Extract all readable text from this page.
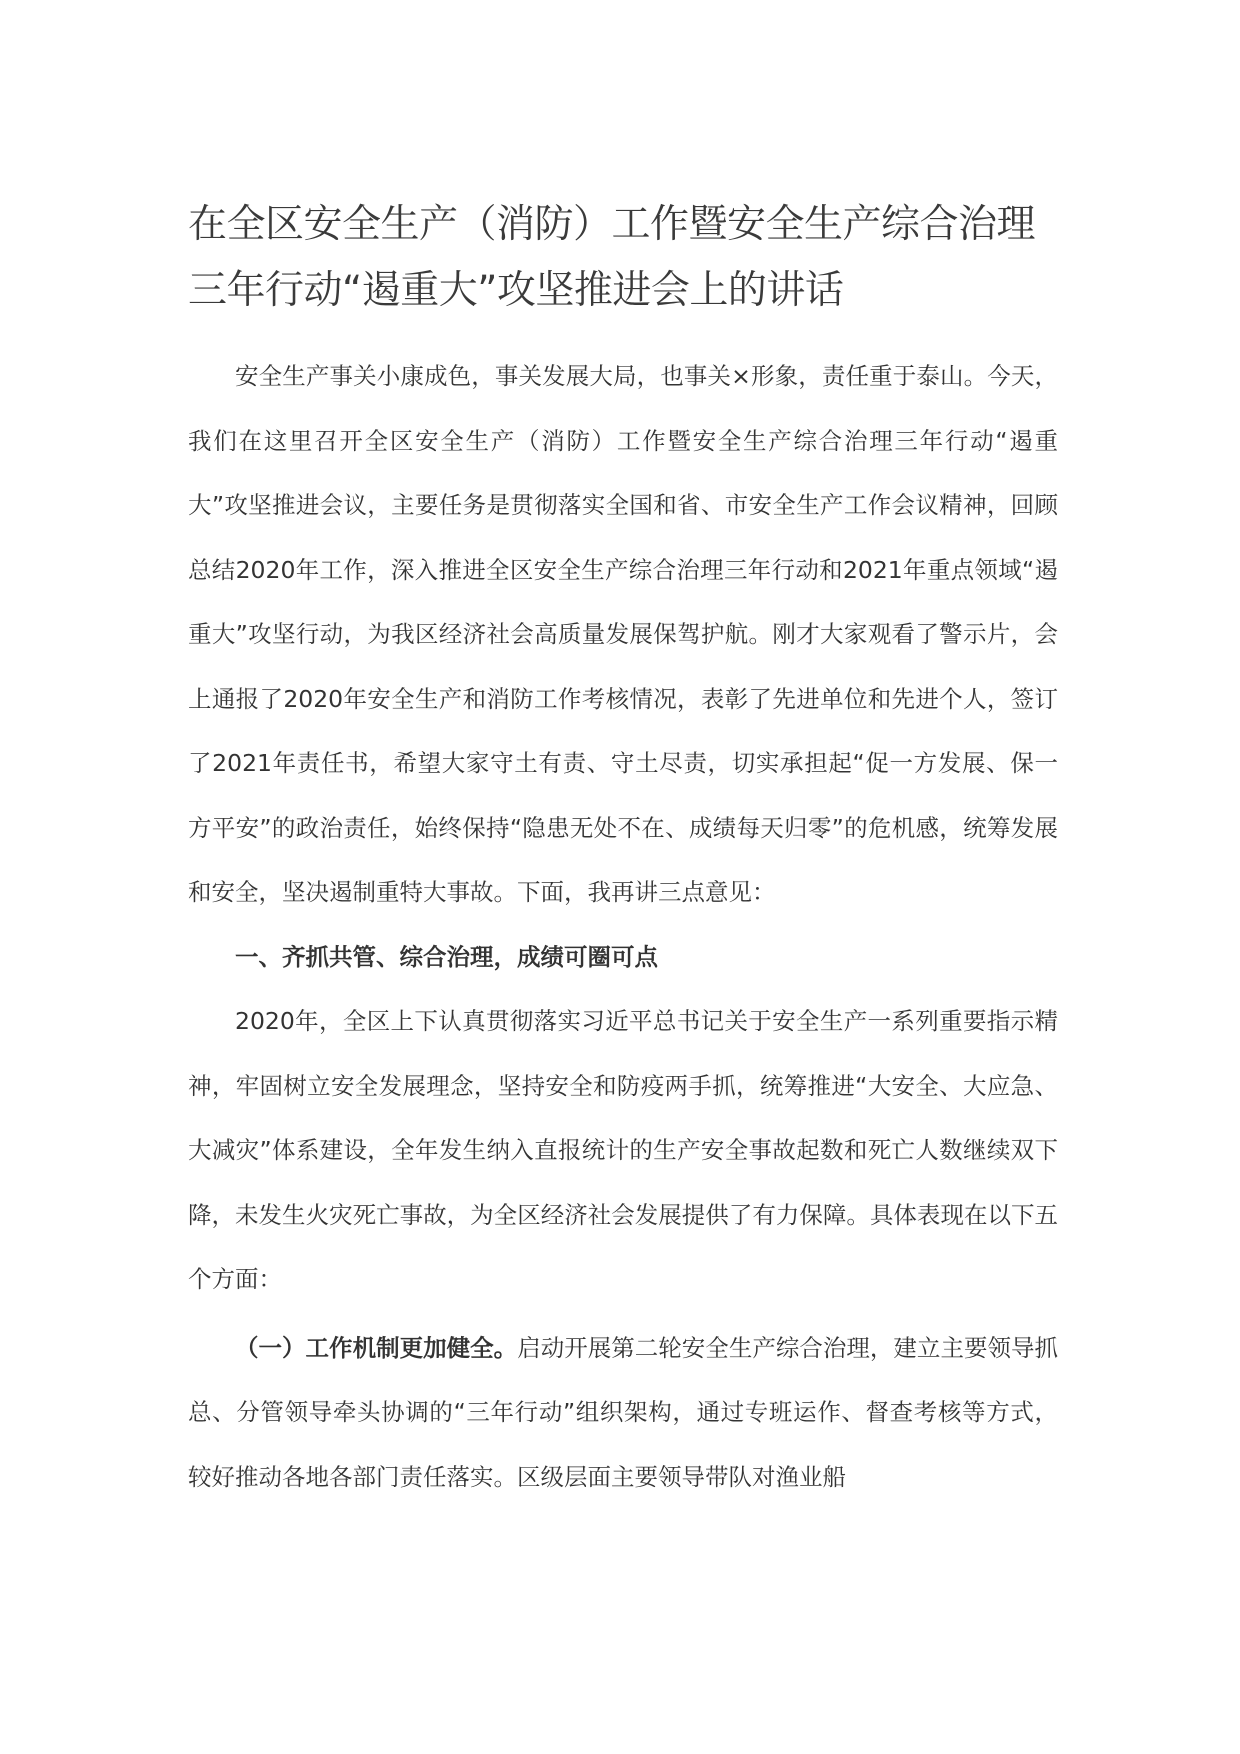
在全区安全生产（消防）工作暨安全生产综合治理三年行动“遏重大”攻坚推进会上的讲话

安全生产事关小康成色，事关发展大局，也事关×形象，责任重于泰山。今天，我们在这里召开全区安全生产（消防）工作暨安全生产综合治理三年行动“遏重大”攻坚推进会议，主要任务是贯彻落实全国和省、市安全生产工作会议精神，回顾总结2020年工作，深入推进全区安全生产综合治理三年行动和2021年重点领域“遏重大”攻坚行动，为我区经济社会高质量发展保驾护航。刚才大家观看了警示片，会上通报了2020年安全生产和消防工作考核情况，表彰了先进单位和先进个人，签订了2021年责任书，希望大家守土有责、守土尽责，切实承担起“促一方发展、保一方平安”的政治责任，始终保持“隐患无处不在、成绩每天归零”的危机感，统筹发展和安全，坚决遏制重特大事故。下面，我再讲三点意见：

一、齐抓共管、综合治理，成绩可圈可点

2020年，全区上下认真贯彻落实习近平总书记关于安全生产一系列重要指示精神，牢固树立安全发展理念，坚持安全和防疫两手抓，统筹推进“大安全、大应急、大减灾”体系建设，全年发生纳入直报统计的生产安全事故起数和死亡人数继续双下降，未发生火灾死亡事故，为全区经济社会发展提供了有力保障。具体表现在以下五个方面：

（一）工作机制更加健全。启动开展第二轮安全生产综合治理，建立主要领导抓总、分管领导牵头协调的“三年行动”组织架构，通过专班运作、督查考核等方式，较好推动各地各部门责任落实。区级层面主要领导带队对渔业船
